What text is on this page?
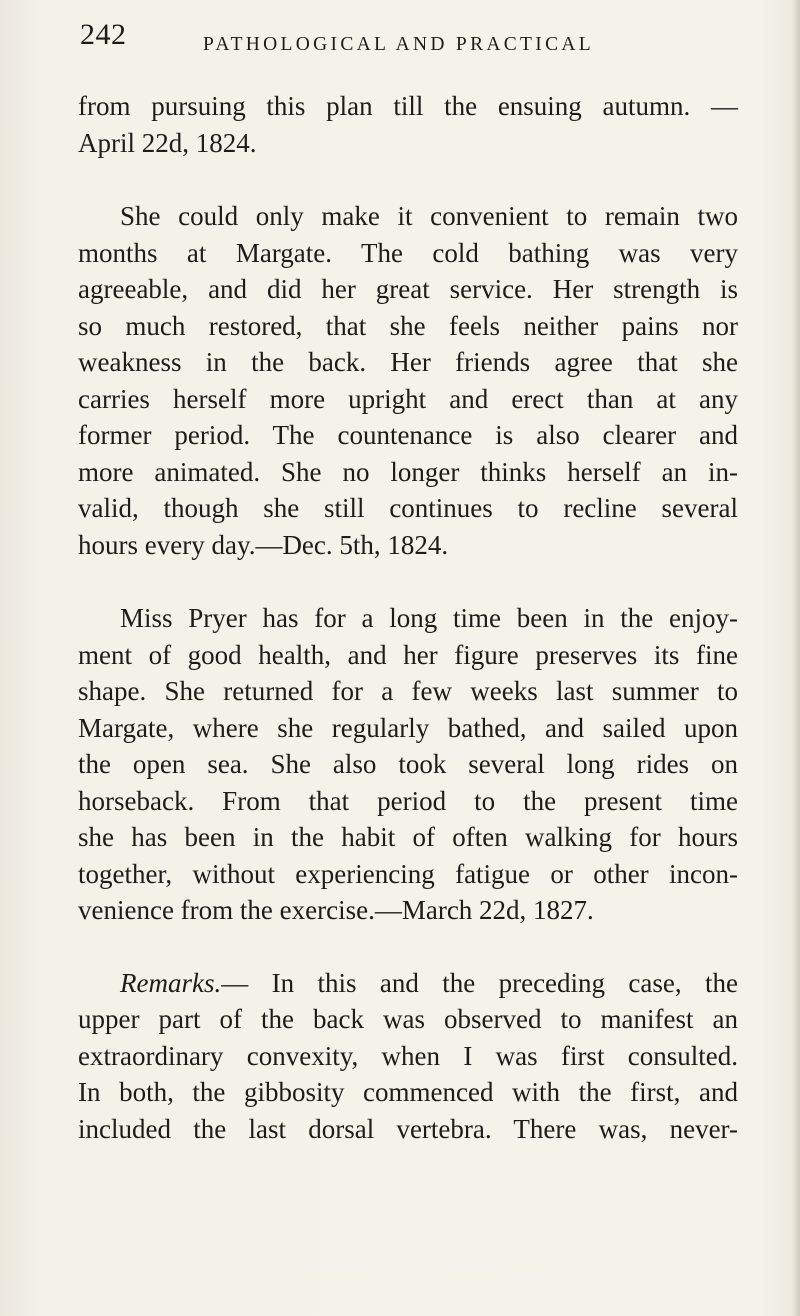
242	PATHOLOGICAL AND PRACTICAL
from pursuing this plan till the ensuing autumn. —
April 22d, 1824.
She could only make it convenient to remain two
months at Margate. The cold bathing was very
agreeable, and did her great service. Her strength is
so much restored, that she feels neither pains nor
weakness in the back. Her friends agree that she
carries herself more upright and erect than at any
former period. The countenance is also clearer and
more animated. She no longer thinks herself an in-
valid, though she still continues to recline several
hours every day.—Dec. 5th, 1824.
Miss Pryer has for a long time been in the enjoy-
ment of good health, and her figure preserves its fine
shape. She returned for a few weeks last summer to
Margate, where she regularly bathed, and sailed upon
the open sea. She also took several long rides on
horseback. From that period to the present time
she has been in the habit of often walking for hours
together, without experiencing fatigue or other incon-
venience from the exercise.—March 22d, 1827.
Remarks.— In this and the preceding case, the
upper part of the back was observed to manifest an
extraordinary convexity, when I was first consulted.
In both, the gibbosity commenced with the first, and
included the last dorsal vertebra. There was, never-
